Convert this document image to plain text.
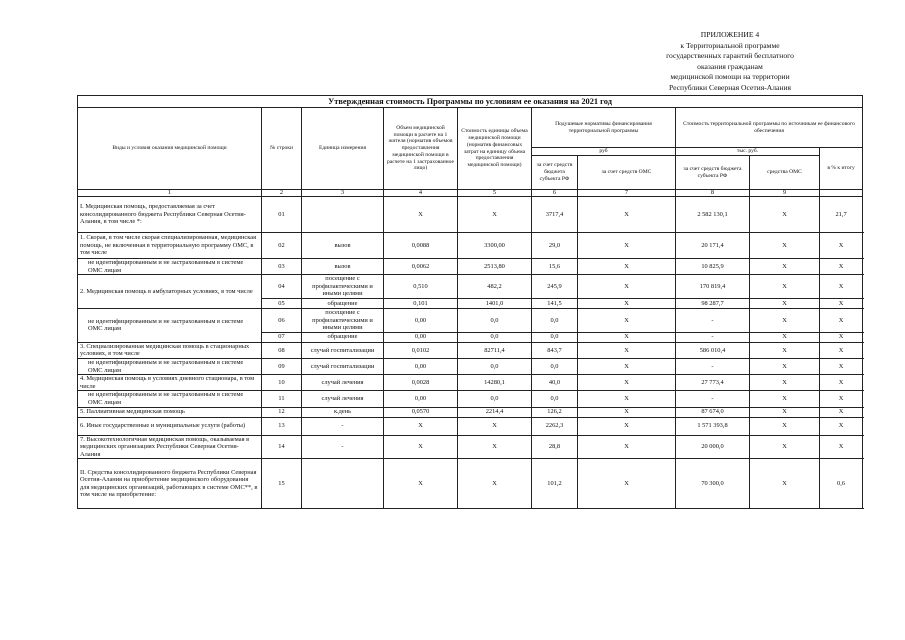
ПРИЛОЖЕНИЕ 4
к Территориальной программе
государственных гарантий бесплатного
оказания гражданам
медицинской помощи на территории
Республики Северная Осетия-Алания
Утвержденная стоимость Программы по условиям ее оказания на 2021 год									
Виды и условия оказания медицинской помощи	№ строки	Единица измерения	Объем медицинской помощи в расчете на 1 жителя (норматив объемов предоставления медицинской помощи в расчете на 1 застрахованное лицо)	Стоимость единицы объема медицинской помощи (норматив финансовых затрат на единицу объема предоставления медицинской помощи)	Подушевые нормативы финансирования территориальной программы		Стоимость территориальной программы по источникам ее финансового обеспечения		
					руб		тыс. руб.		в % к итогу
					за счет средств бюджета субъекта РФ	за счет средств ОМС	за счет средств бюджета субъекта РФ	средства ОМС	
1	2	3	4	5	6	7	8	9	
I. Медицинская помощь, предоставляемая за счет консолидированного бюджета Республики Северная Осетия-Алания, в том числе *:	01		X	X	3717,4	X	2 582 130,1	X	21,7
1. Скорая, в том числе скорая специализированная, медицинская помощь, не включенная в территориальную программу ОМС, в том числе	02	вызов	0,0088	3300,00	29,0	X	20 171,4	X	X
не идентифицированным и не застрахованным в системе ОМС лицам	03	вызов	0,0062	2513,80	15,6	X	10 825,9	X	X
2. Медицинская помощь в амбулаторных условиях, в том числе	04	посещение с профилактическими и иными целями	0,510	482,2	245,9	X	170 819,4	X	X
	05	обращение	0,101	1401,0	141,5	X	98 287,7	X	X
не идентифицированным и не застрахованным в системе ОМС лицам	06	посещение с профилактическими и иными целями	0,00	0,0	0,0	X	-	X	X
	07	обращение	0,00	0,0	0,0	X	-	X	X
3. Специализированная медицинская помощь в стационарных условиях, в том числе	08	случай госпитализации	0,0102	82711,4	843,7	X	586 010,4	X	X
не идентифицированным и не застрахованным в системе ОМС лицам	09	случай госпитализации	0,00	0,0	0,0	X	-	X	X
4. Медицинская помощь в условиях дневного стационара, в том числе	10	случай лечения	0,0028	14280,1	40,0	X	27 773,4	X	X
не идентифицированным и не застрахованным в системе ОМС лицам	11	случай лечения	0,00	0,0	0,0	X	-	X	X
5. Паллиативная медицинская помощь	12	к.день	0,0570	2214,4	126,2	X	87 674,0	X	X
6. Иные государственные и муниципальные услуги (работы)	13	-	X	X	2262,3	X	1 571 393,8	X	X
7. Высокотехнологичная медицинская помощь, оказываемая в медицинских организациях Республики Северная Осетия-Алания	14	-	X	X	28,8	X	20 000,0	X	X
II. Средства консолидированного бюджета Республики Северная Осетия-Алания на приобретение медицинского оборудования для медицинских организаций, работающих в системе ОМС**, в том числе на приобретение:	15		X	X	101,2	X	70 300,0	X	0,6
